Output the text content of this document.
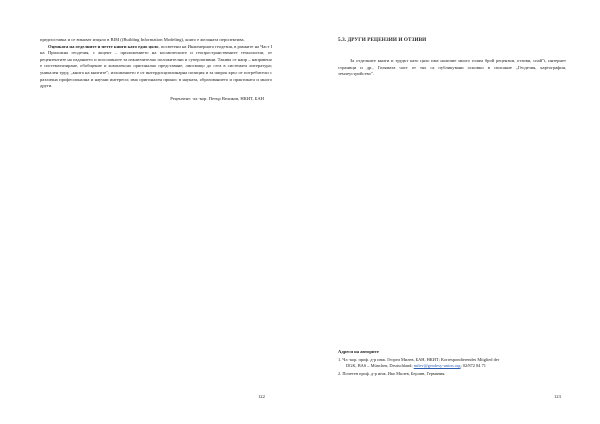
предпоставка и се вчъкват изцяло в BIM ((Building Information Modeling), която е желаната перспектива.

Оценката на отделните и петте книги като едно цяло, посветени на Инженерната геодезия, в рамките на Част I на Приложна геодезия, с акцент – приложението на космическите и геопространствените технологии, от рецензентите на изданието и поголовноте за изключително положителни и суперлативни. Такива се наир – направено е систематизиране, обобщение и комплексно оригинално представяне, липсващо до сега в системата литература; уникален труд; „книга на книгите"; изложението е от интердисциплинарна позиция и за широк кръг от потребители с различна професионална и научни интереси; има оригинален принос в науката, образованието и практиката и много други.

Рецензент: чл.-кор. Петър Великов, НКИТ, БАН

122
5.3. ДРУГИ РЕЦЕНЗИИ И ОТЗИВИ

За отделните книги и трудът като цяло има наличие много голям брой рецензии, отзиви, спай"і, интернет страници и др., Голямата част от тях са публикувани основно в списание „Геодезия, картография, землеустройство".

Адреси на авторите
1. Чл.-кор. проф. д-р инж. Георги Милев, БАН, НКИТ; Korrespondierendes Mitglied der
DGK, BAS – München, Deutschland; milev@geodesy-union.org; 02/872 84 71
2. Почетен проф. д-р инж. Ико Милев, Берлин, Германия.
123
